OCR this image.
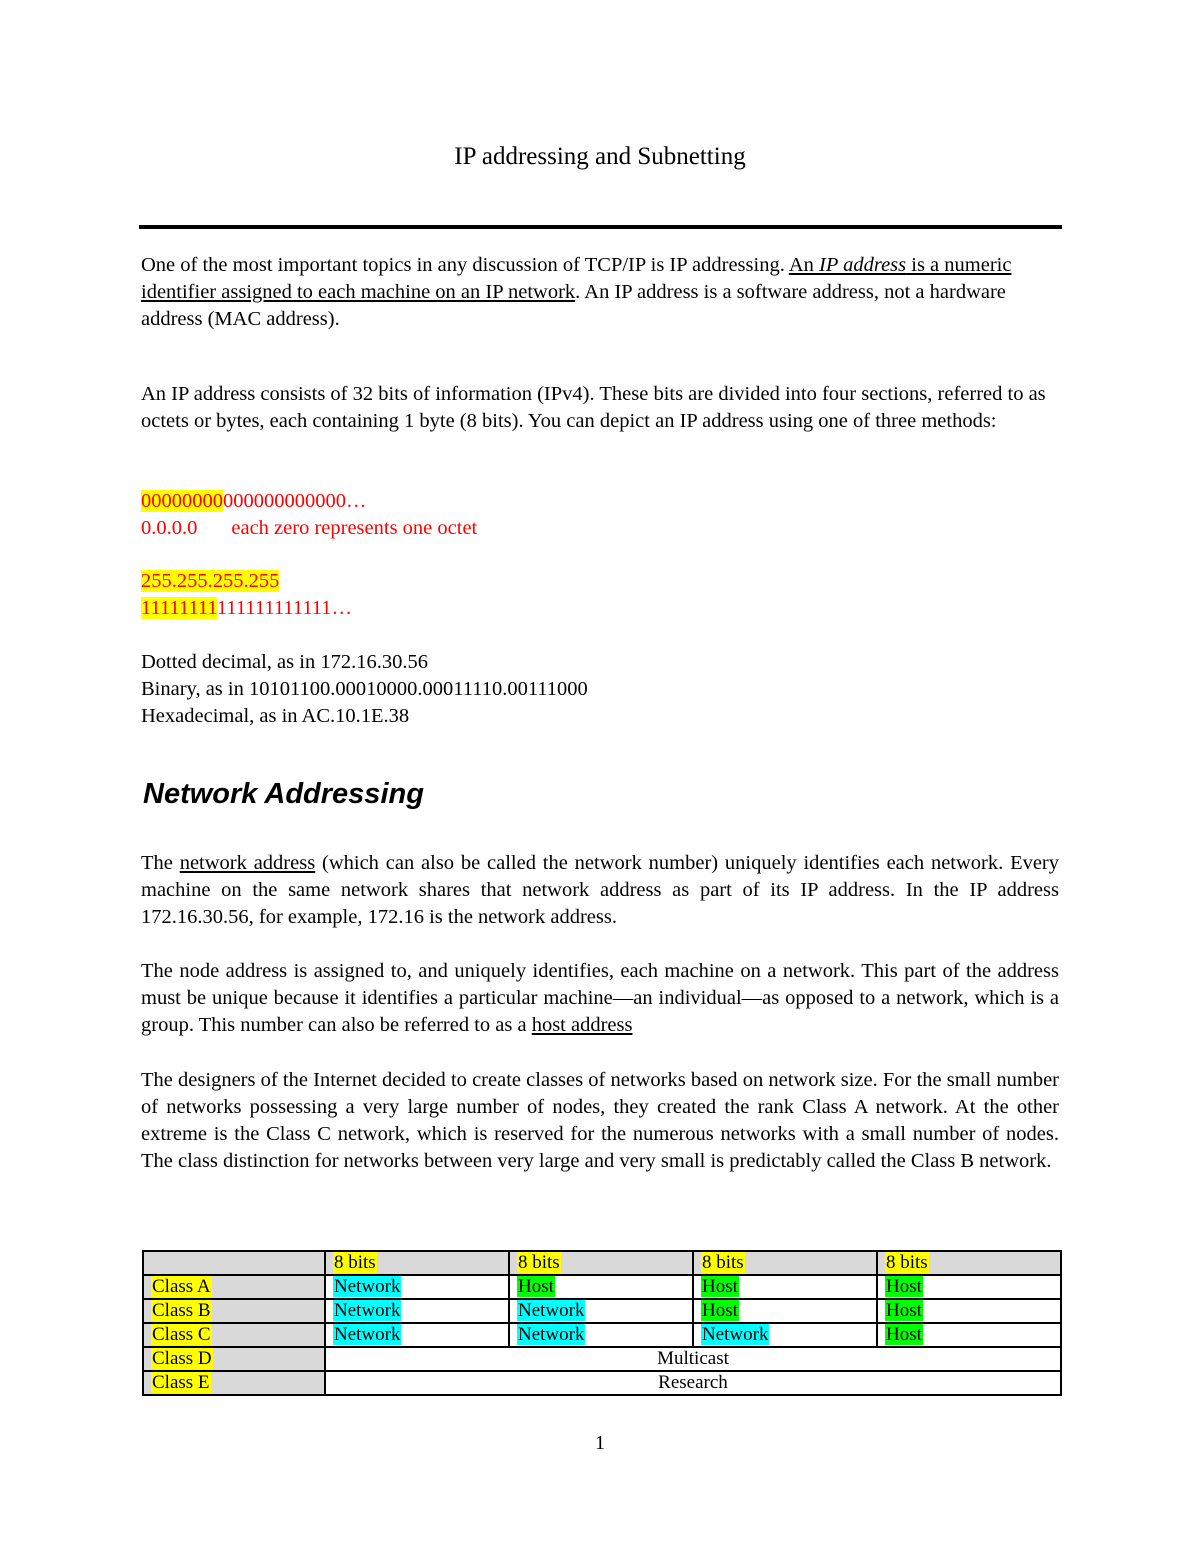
IP addressing and Subnetting
One of the most important topics in any discussion of TCP/IP is IP addressing. An IP address is a numeric identifier assigned to each machine on an IP network. An IP address is a software address, not a hardware address (MAC address).
An IP address consists of 32 bits of information (IPv4). These bits are divided into four sections, referred to as octets or bytes, each containing 1 byte (8 bits). You can depict an IP address using one of three methods:
00000000000000000000…
0.0.0.0 each zero represents one octet
255.255.255.255
11111111111111111111…
Dotted decimal, as in 172.16.30.56
Binary, as in 10101100.00010000.00011110.00111000
Hexadecimal, as in AC.10.1E.38
Network Addressing
The network address (which can also be called the network number) uniquely identifies each network. Every machine on the same network shares that network address as part of its IP address. In the IP address 172.16.30.56, for example, 172.16 is the network address.
The node address is assigned to, and uniquely identifies, each machine on a network. This part of the address must be unique because it identifies a particular machine—an individual—as opposed to a network, which is a group. This number can also be referred to as a host address
The designers of the Internet decided to create classes of networks based on network size. For the small number of networks possessing a very large number of nodes, they created the rank Class A network. At the other extreme is the Class C network, which is reserved for the numerous networks with a small number of nodes. The class distinction for networks between very large and very small is predictably called the Class B network.
	8 bits	8 bits	8 bits	8 bits
Class A	Network	Host	Host	Host
Class B	Network	Network	Host	Host
Class C	Network	Network	Network	Host
Class D	Multicast			
Class E	Research			
1
